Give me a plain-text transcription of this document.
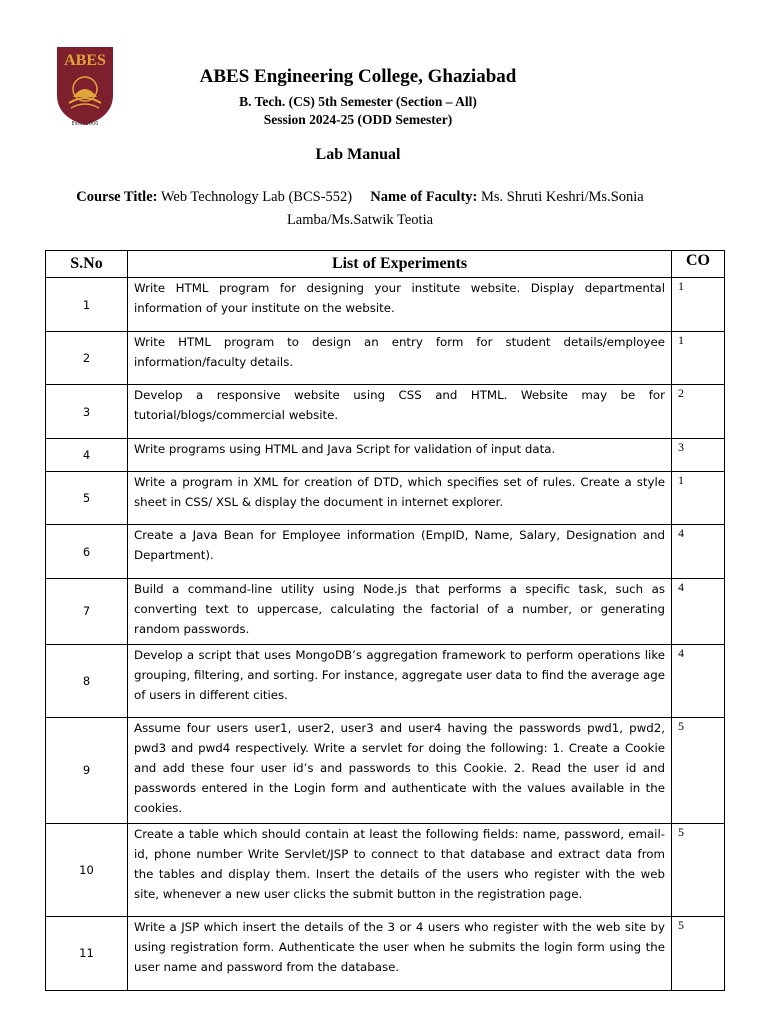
ABES
Estd. 2000
ABES Engineering College, Ghaziabad
B. Tech. (CS) 5th Semester (Section – All)
Session 2024-25 (ODD Semester)
Lab Manual
Course Title: Web Technology Lab (BCS-552) Name of Faculty: Ms. Shruti Keshri/Ms.Sonia Lamba/Ms.Satwik Teotia
S.No	List of Experiments	CO
1	Write HTML program for designing your institute website. Display departmental information of your institute on the website.	1
2	Write HTML program to design an entry form for student details/employee information/faculty details.	1
3	Develop a responsive website using CSS and HTML. Website may be for tutorial/blogs/commercial website.	2
4	Write programs using HTML and Java Script for validation of input data.	3
5	Write a program in XML for creation of DTD, which specifies set of rules. Create a style sheet in CSS/ XSL & display the document in internet explorer.	1
6	Create a Java Bean for Employee information (EmpID, Name, Salary, Designation and Department).	4
7	Build a command-line utility using Node.js that performs a specific task, such as converting text to uppercase, calculating the factorial of a number, or generating random passwords.	4
8	Develop a script that uses MongoDB’s aggregation framework to perform operations like grouping, filtering, and sorting. For instance, aggregate user data to find the average age of users in different cities.	4
9	Assume four users user1, user2, user3 and user4 having the passwords pwd1, pwd2, pwd3 and pwd4 respectively. Write a servlet for doing the following: 1. Create a Cookie and add these four user id’s and passwords to this Cookie. 2. Read the user id and passwords entered in the Login form and authenticate with the values available in the cookies.	5
10	Create a table which should contain at least the following fields: name, password, email-id, phone number Write Servlet/JSP to connect to that database and extract data from the tables and display them. Insert the details of the users who register with the web site, whenever a new user clicks the submit button in the registration page.	5
11	Write a JSP which insert the details of the 3 or 4 users who register with the web site by using registration form. Authenticate the user when he submits the login form using the user name and password from the database.	5
